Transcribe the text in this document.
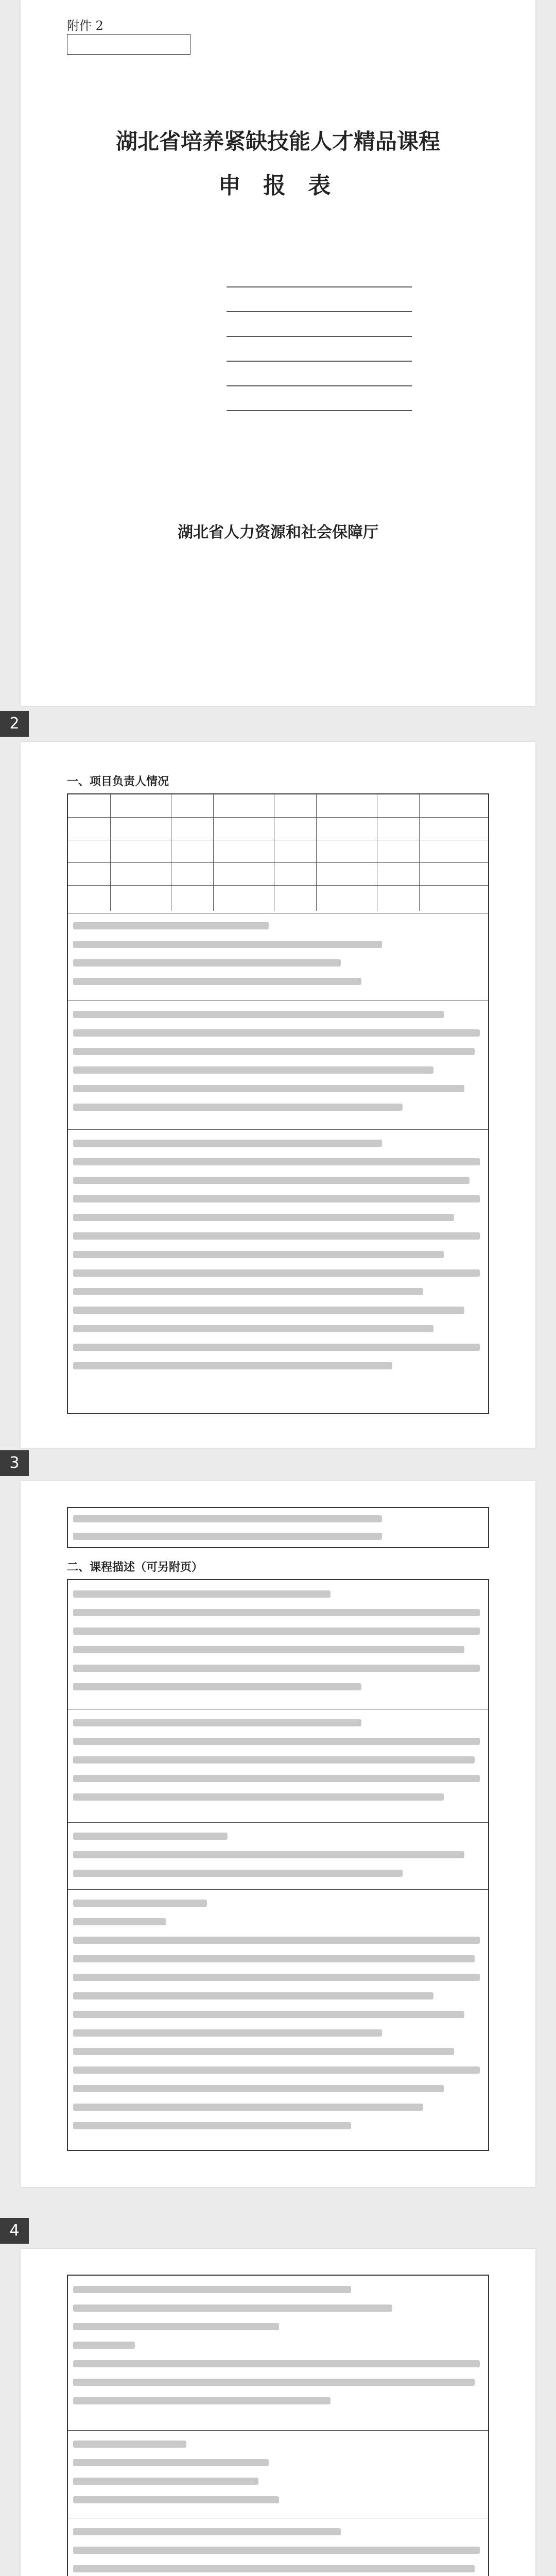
附件 2
湖北省培养紧缺技能人才精品课程
申 报 表
湖北省人力资源和社会保障厅
2
一、项目负责人情况
3
二、课程描述（可另附页）
4
